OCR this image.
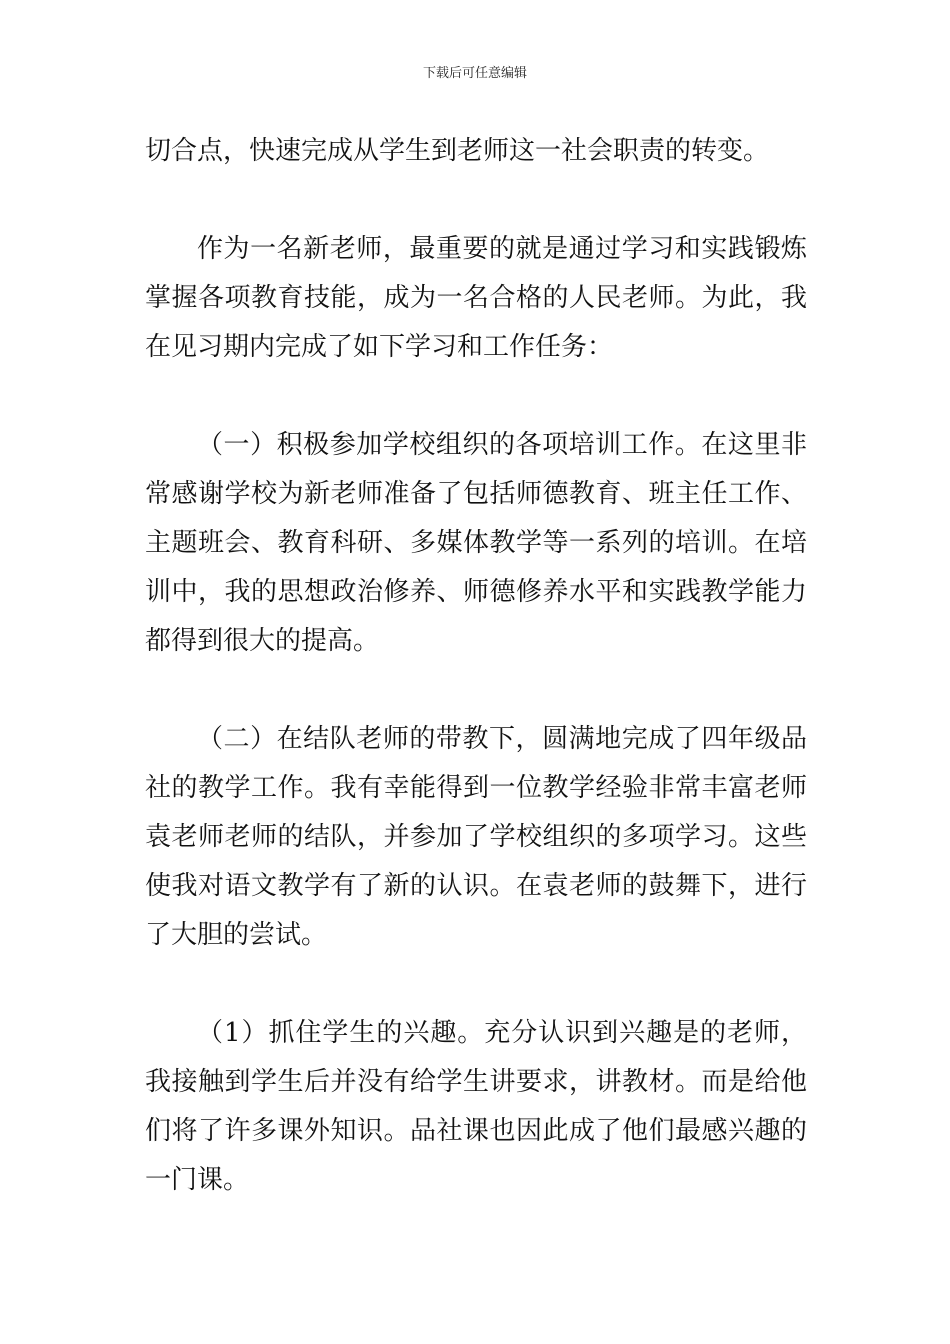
下载后可任意编辑

切合点，快速完成从学生到老师这一社会职责的转变。

作为一名新老师，最重要的就是通过学习和实践锻炼掌握各项教育技能，成为一名合格的人民老师。为此，我在见习期内完成了如下学习和工作任务：

（一）积极参加学校组织的各项培训工作。在这里非常感谢学校为新老师准备了包括师德教育、班主任工作、主题班会、教育科研、多媒体教学等一系列的培训。在培训中，我的思想政治修养、师德修养水平和实践教学能力都得到很大的提高。

（二）在结队老师的带教下，圆满地完成了四年级品社的教学工作。我有幸能得到一位教学经验非常丰富老师袁老师老师的结队，并参加了学校组织的多项学习。这些使我对语文教学有了新的认识。在袁老师的鼓舞下，进行了大胆的尝试。

（1）抓住学生的兴趣。充分认识到兴趣是的老师，我接触到学生后并没有给学生讲要求，讲教材。而是给他们将了许多课外知识。品社课也因此成了他们最感兴趣的一门课。
